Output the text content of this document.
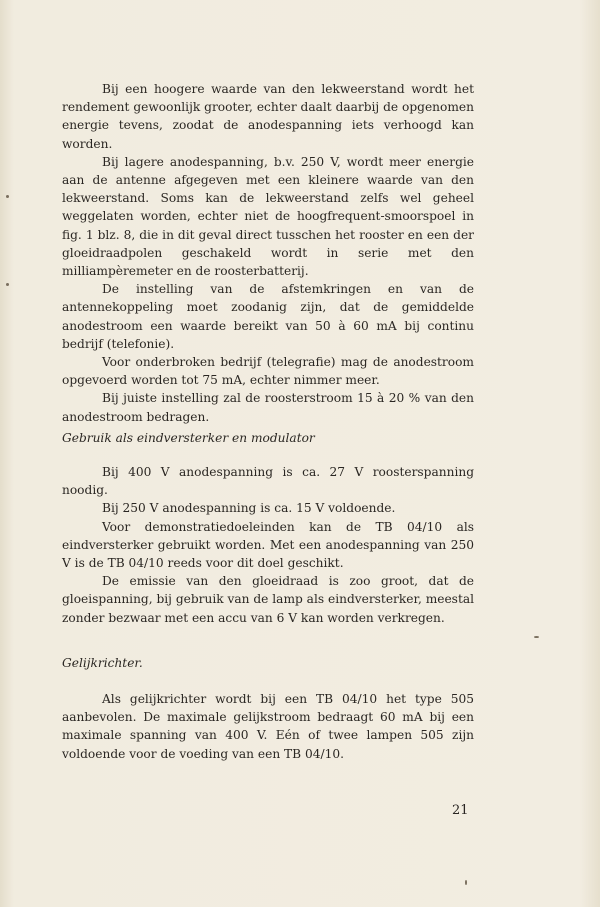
Bij een hoogere waarde van den lekweerstand wordt het rendement gewoonlijk grooter, echter daalt daarbij de opgenomen energie tevens, zoodat de anodespanning iets verhoogd kan worden.

Bij lagere anodespanning, b.v. 250 V, wordt meer energie aan de antenne afgegeven met een kleinere waarde van den lekweerstand. Soms kan de lekweerstand zelfs wel geheel weggelaten worden, echter niet de hoogfrequent-smoorspoel in fig. 1 blz. 8, die in dit geval direct tusschen het rooster en een der gloeidraadpolen geschakeld wordt in serie met den milliampèremeter en de roosterbatterij.

De instelling van de afstemkringen en van de antennekoppeling moet zoodanig zijn, dat de gemiddelde anodestroom een waarde bereikt van 50 à 60 mA bij continu bedrijf (telefonie).

Voor onderbroken bedrijf (telegrafie) mag de anodestroom opgevoerd worden tot 75 mA, echter nimmer meer.

Bij juiste instelling zal de roosterstroom 15 à 20 % van den anodestroom bedragen.

Gebruik als eindversterker en modulator

Bij 400 V anodespanning is ca. 27 V roosterspanning noodig.

Bij 250 V anodespanning is ca. 15 V voldoende.

Voor demonstratiedoeleinden kan de TB 04/10 als eindversterker gebruikt worden. Met een anodespanning van 250 V is de TB 04/10 reeds voor dit doel geschikt.

De emissie van den gloeidraad is zoo groot, dat de gloeispanning, bij gebruik van de lamp als eindversterker, meestal zonder bezwaar met een accu van 6 V kan worden verkregen.

Gelijkrichter.

Als gelijkrichter wordt bij een TB 04/10 het type 505 aanbevolen. De maximale gelijkstroom bedraagt 60 mA bij een maximale spanning van 400 V. Eén of twee lampen 505 zijn voldoende voor de voeding van een TB 04/10.

21
